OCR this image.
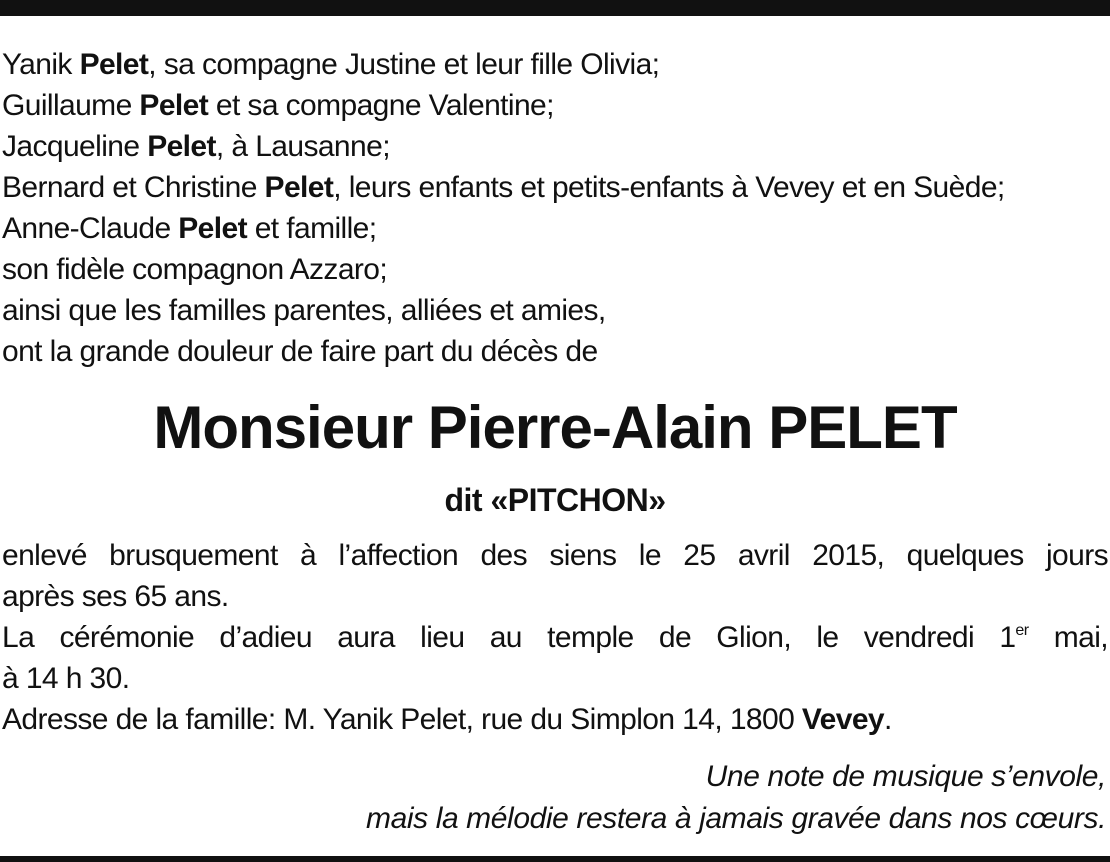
Yanik Pelet, sa compagne Justine et leur fille Olivia;
Guillaume Pelet et sa compagne Valentine;
Jacqueline Pelet, à Lausanne;
Bernard et Christine Pelet, leurs enfants et petits-enfants à Vevey et en Suède;
Anne-Claude Pelet et famille;
son fidèle compagnon Azzaro;
ainsi que les familles parentes, alliées et amies,
ont la grande douleur de faire part du décès de
Monsieur Pierre-Alain PELET
dit «PITCHON»
enlevé brusquement à l’affection des siens le 25 avril 2015, quelques jours
après ses 65 ans.
La cérémonie d’adieu aura lieu au temple de Glion, le vendredi 1er mai,
à 14 h 30.
Adresse de la famille: M. Yanik Pelet, rue du Simplon 14, 1800 Vevey.
Une note de musique s’envole,
mais la mélodie restera à jamais gravée dans nos cœurs.
